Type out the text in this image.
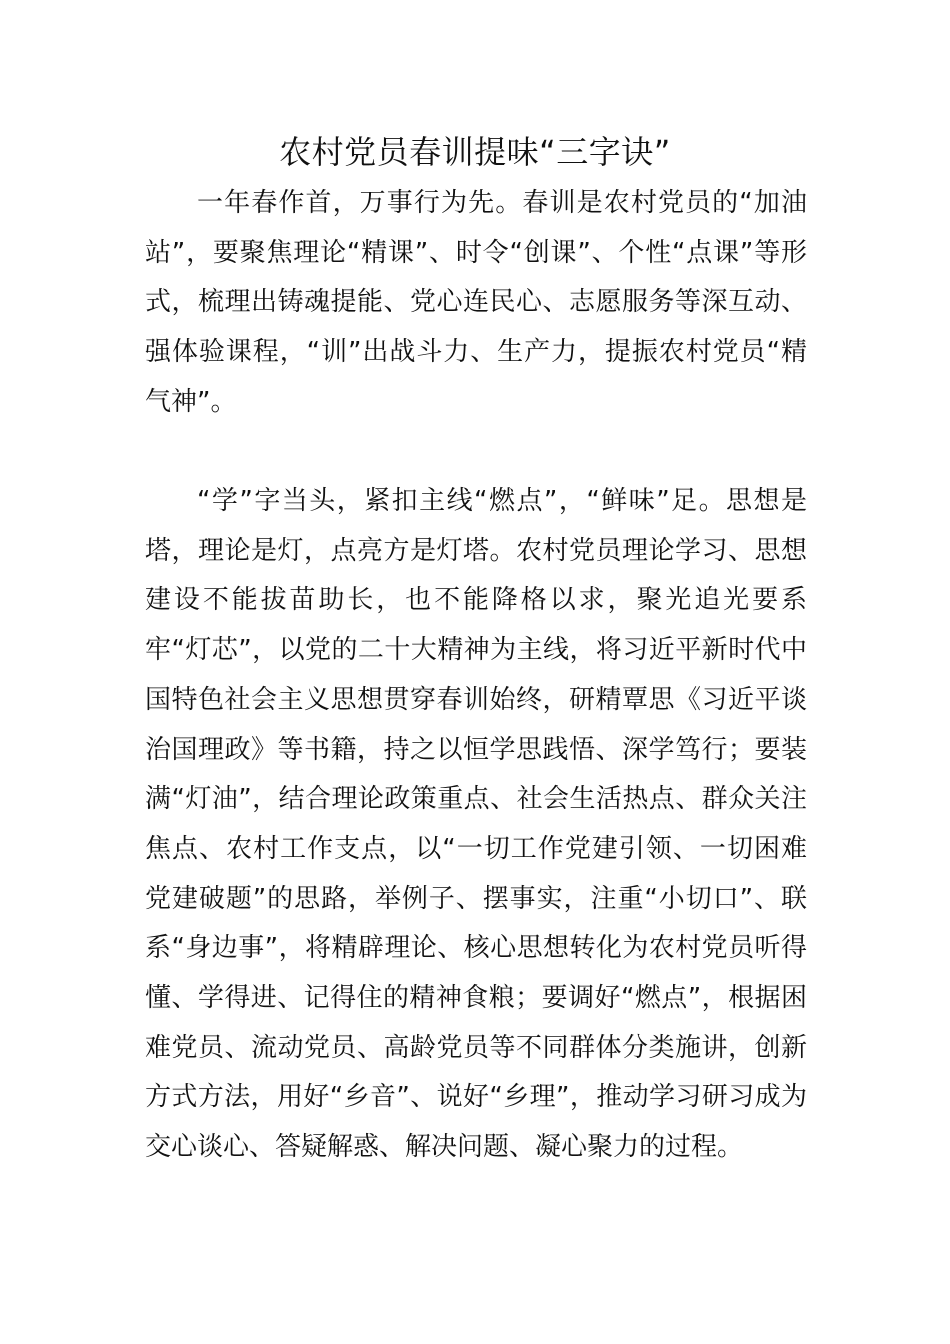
农村党员春训提味“三字诀”

一年春作首，万事行为先。春训是农村党员的“加油站”，要聚焦理论“精课”、时令“创课”、个性“点课”等形式，梳理出铸魂提能、党心连民心、志愿服务等深互动、强体验课程，“训”出战斗力、生产力，提振农村党员“精气神”。

“学”字当头，紧扣主线“燃点”，“鲜味”足。思想是塔，理论是灯，点亮方是灯塔。农村党员理论学习、思想建设不能拔苗助长，也不能降格以求，聚光追光要系牢“灯芯”，以党的二十大精神为主线，将习近平新时代中国特色社会主义思想贯穿春训始终，研精覃思《习近平谈治国理政》等书籍，持之以恒学思践悟、深学笃行；要装满“灯油”，结合理论政策重点、社会生活热点、群众关注焦点、农村工作支点，以“一切工作党建引领、一切困难党建破题”的思路，举例子、摆事实，注重“小切口”、联系“身边事”，将精辟理论、核心思想转化为农村党员听得懂、学得进、记得住的精神食粮；要调好“燃点”，根据困难党员、流动党员、高龄党员等不同群体分类施讲，创新方式方法，用好“乡音”、说好“乡理”，推动学习研习成为交心谈心、答疑解惑、解决问题、凝心聚力的过程。
